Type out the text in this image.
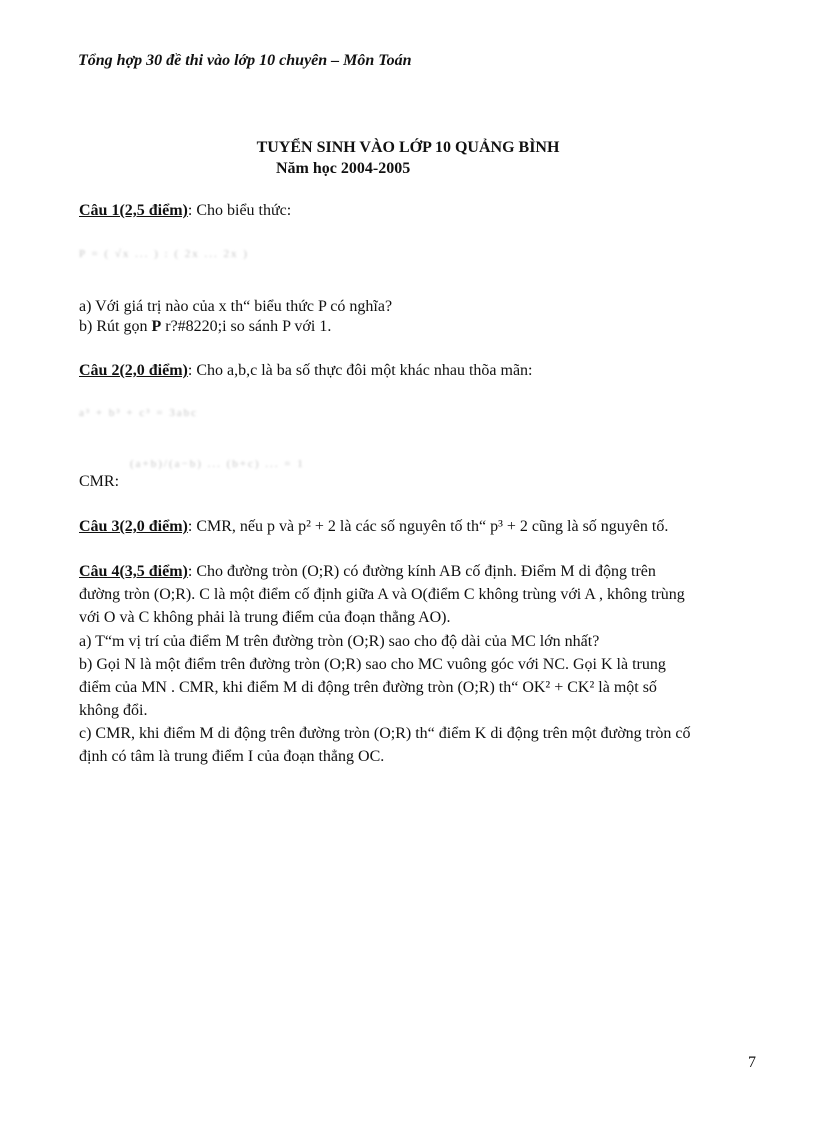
Tổng hợp 30 đề thi vào lớp 10 chuyên – Môn Toán
TUYỂN SINH VÀO LỚP 10 QUẢNG BÌNH
Năm học 2004-2005
Câu 1(2,5 điểm): Cho biểu thức:
P = ( √x ... ) : ( 2x ... 2x )
a) Với giá trị nào của x th“ biểu thức P có nghĩa?
b) Rút gọn P r?#8220;i so sánh P với 1.
Câu 2(2,0 điểm): Cho a,b,c là ba số thực đôi một khác nhau thõa mãn:
a³ + b³ + c³ = 3abc
CMR:
(a+b)/(a−b) ... (b+c) ... = 1
Câu 3(2,0 điểm): CMR, nếu p và p² + 2 là các số nguyên tố th“ p³ + 2 cũng là số nguyên tố.
Câu 4(3,5 điểm): Cho đường tròn (O;R) có đường kính AB cố định. Điểm M di động trên
đường tròn (O;R). C là một điểm cố định giữa A và O(điểm C không trùng với A , không trùng
với O và C không phải là trung điểm của đoạn thẳng AO).
a) T“m vị trí của điểm M trên đường tròn (O;R) sao cho độ dài của MC lớn nhất?
b) Gọi N là một điểm trên đường tròn (O;R) sao cho MC vuông góc với NC. Gọi K là trung
điểm của MN . CMR, khi điểm M di động trên đường tròn (O;R) th“ OK² + CK² là một số
không đổi.
c) CMR, khi điểm M di động trên đường tròn (O;R) th“ điểm K di động trên một đường tròn cố
định có tâm là trung điểm I của đoạn thẳng OC.
7
